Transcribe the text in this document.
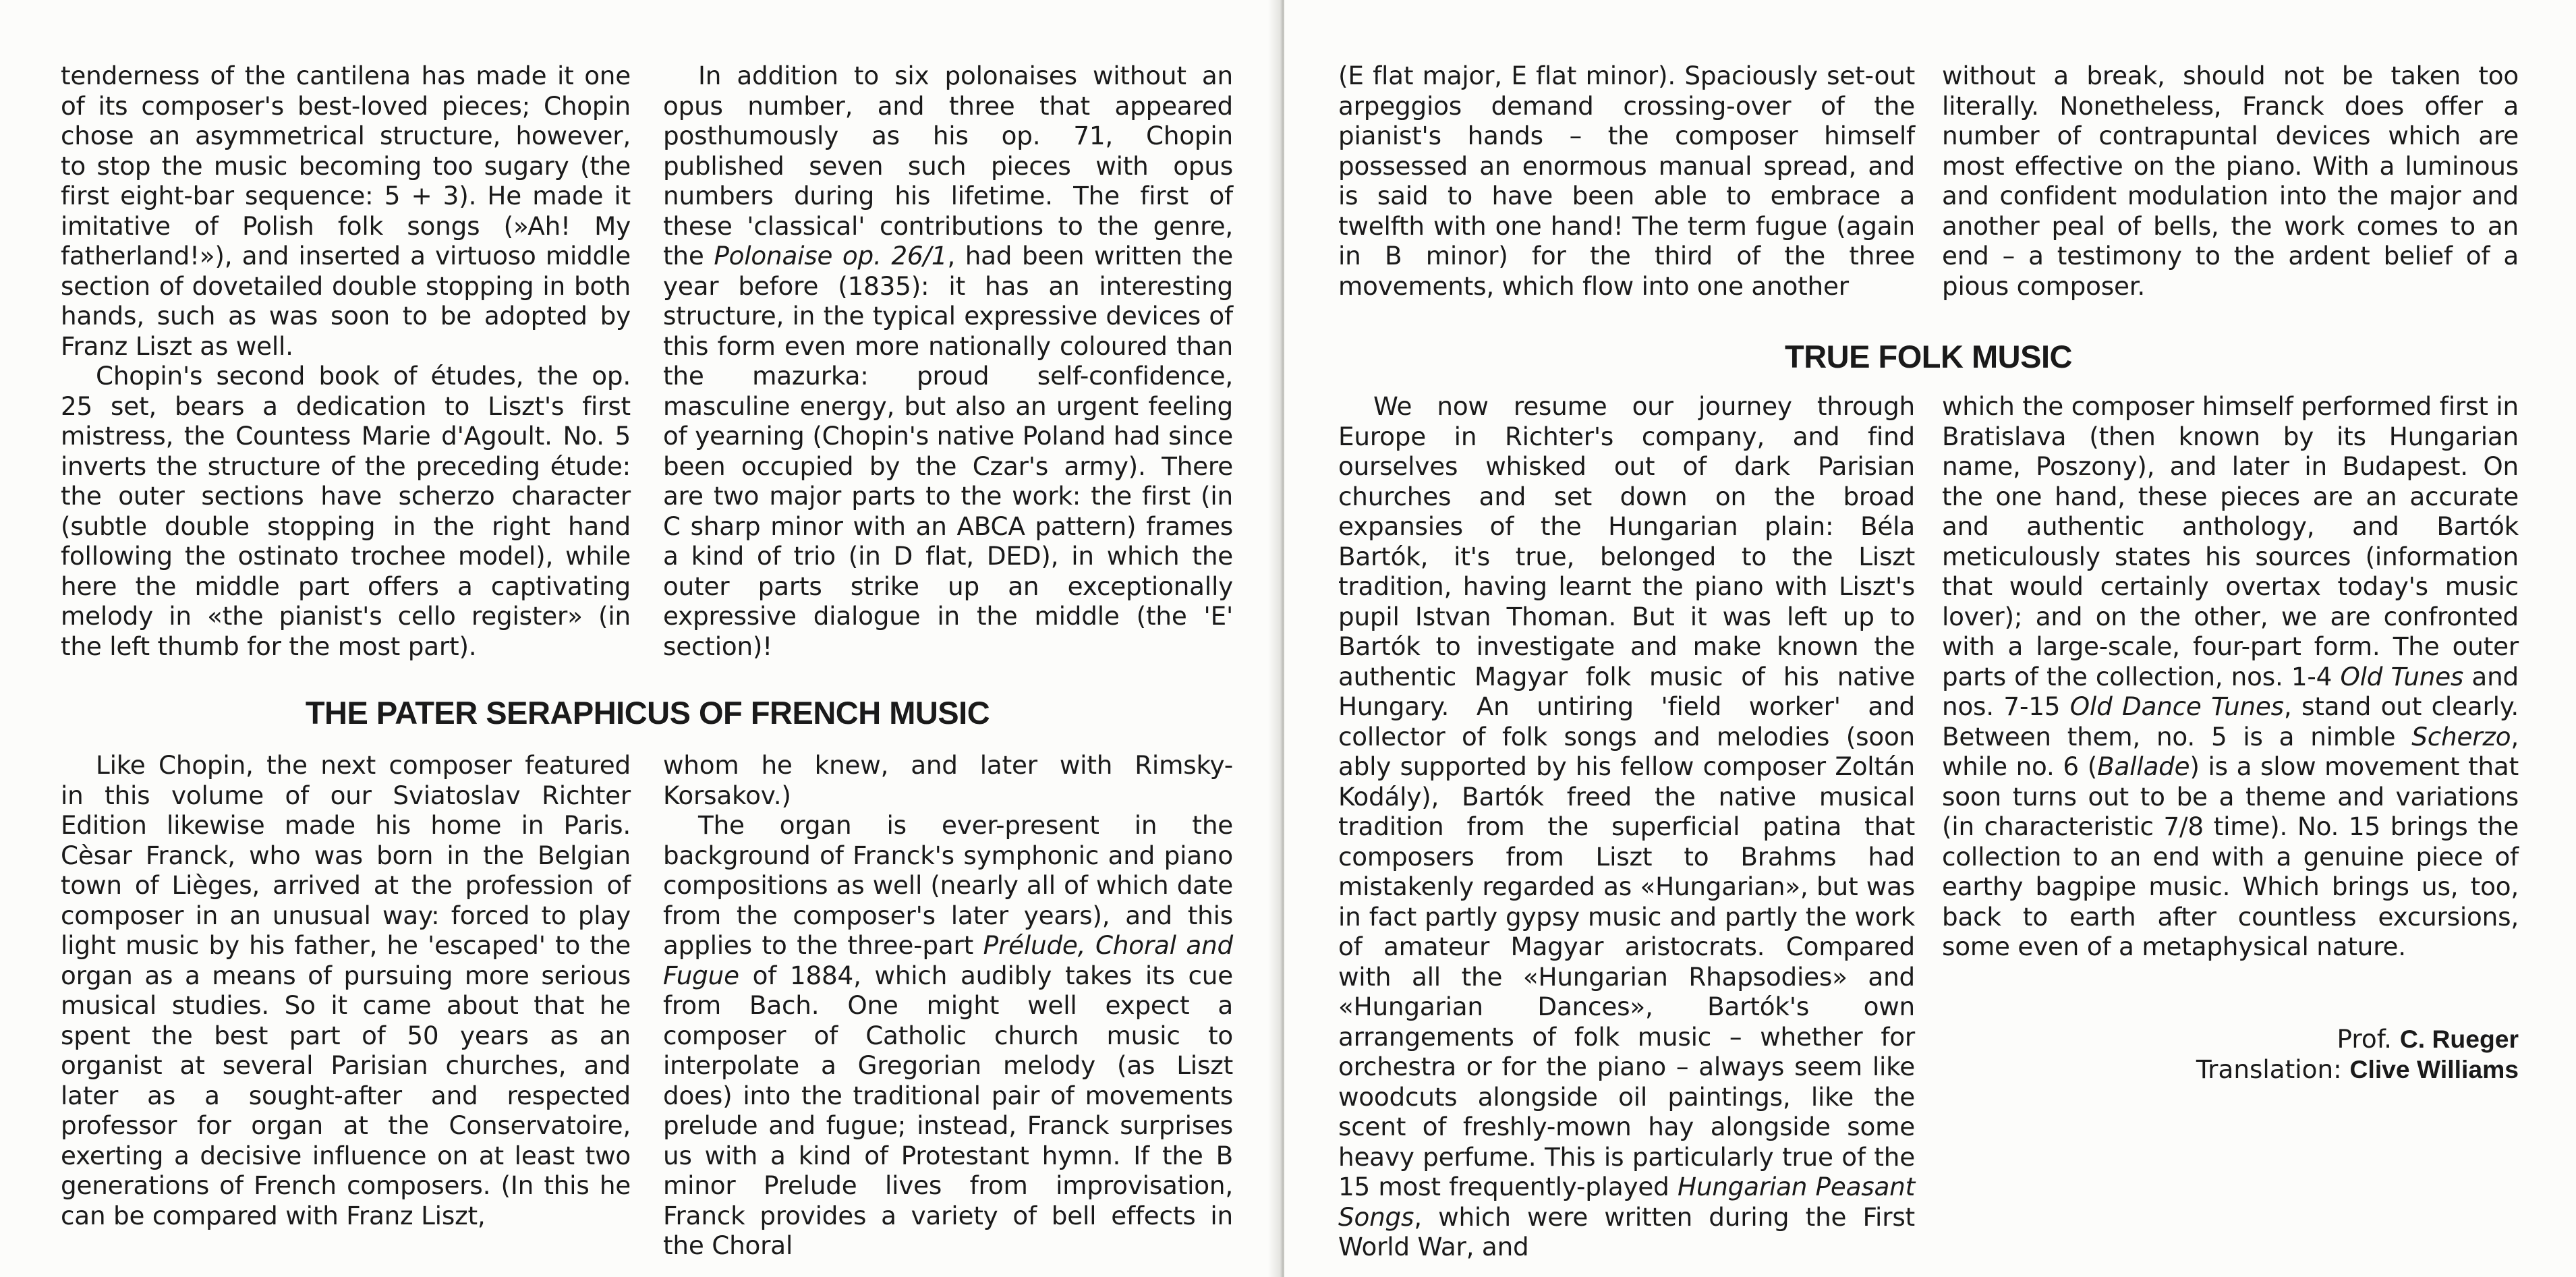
tenderness of the cantilena has made it one of its composer's best-loved pieces; Chopin chose an asymmetrical structure, however, to stop the music becoming too sugary (the first eight-bar sequence: 5 + 3). He made it imitative of Polish folk songs (»Ah! My fatherland!»), and inserted a virtuoso middle section of dovetailed double stopping in both hands, such as was soon to be adopted by Franz Liszt as well.

Chopin's second book of études, the op. 25 set, bears a dedication to Liszt's first mistress, the Countess Marie d'Agoult. No. 5 inverts the structure of the preceding étude: the outer sections have scherzo character (subtle double stopping in the right hand following the ostinato trochee model), while here the middle part offers a captivating melody in «the pianist's cello register» (in the left thumb for the most part).

In addition to six polonaises without an opus number, and three that appeared posthumously as his op. 71, Chopin published seven such pieces with opus numbers during his lifetime. The first of these 'classical' contributions to the genre, the Polonaise op. 26/1, had been written the year before (1835): it has an interesting structure, in the typical expressive devices of this form even more nationally coloured than the mazurka: proud self-confidence, masculine energy, but also an urgent feeling of yearning (Chopin's native Poland had since been occupied by the Czar's army). There are two major parts to the work: the first (in C sharp minor with an ABCA pattern) frames a kind of trio (in D flat, DED), in which the outer parts strike up an exceptionally expressive dialogue in the middle (the 'E' section)!

THE PATER SERAPHICUS OF FRENCH MUSIC

Like Chopin, the next composer featured in this volume of our Sviatoslav Richter Edition likewise made his home in Paris. Cèsar Franck, who was born in the Belgian town of Lièges, arrived at the profession of composer in an unusual way: forced to play light music by his father, he 'escaped' to the organ as a means of pursuing more serious musical studies. So it came about that he spent the best part of 50 years as an organist at several Parisian churches, and later as a sought-after and respected professor for organ at the Conservatoire, exerting a decisive influence on at least two generations of French composers. (In this he can be compared with Franz Liszt,

whom he knew, and later with Rimsky-Korsakov.)

The organ is ever-present in the background of Franck's symphonic and piano compositions as well (nearly all of which date from the composer's later years), and this applies to the three-part Prélude, Choral and Fugue of 1884, which audibly takes its cue from Bach. One might well expect a composer of Catholic church music to interpolate a Gregorian melody (as Liszt does) into the traditional pair of movements prelude and fugue; instead, Franck surprises us with a kind of Protestant hymn. If the B minor Prelude lives from improvisation, Franck provides a variety of bell effects in the Choral

(E flat major, E flat minor). Spaciously set-out arpeggios demand crossing-over of the pianist's hands – the composer himself possessed an enormous manual spread, and is said to have been able to embrace a twelfth with one hand! The term fugue (again in B minor) for the third of the three movements, which flow into one another

without a break, should not be taken too literally. Nonetheless, Franck does offer a number of contrapuntal devices which are most effective on the piano. With a luminous and confident modulation into the major and another peal of bells, the work comes to an end – a testimony to the ardent belief of a pious composer.

TRUE FOLK MUSIC

We now resume our journey through Europe in Richter's company, and find ourselves whisked out of dark Parisian churches and set down on the broad expansies of the Hungarian plain: Béla Bartók, it's true, belonged to the Liszt tradition, having learnt the piano with Liszt's pupil Istvan Thoman. But it was left up to Bartók to investigate and make known the authentic Magyar folk music of his native Hungary. An untiring 'field worker' and collector of folk songs and melodies (soon ably supported by his fellow composer Zoltán Kodály), Bartók freed the native musical tradition from the superficial patina that composers from Liszt to Brahms had mistakenly regarded as «Hungarian», but was in fact partly gypsy music and partly the work of amateur Magyar aristocrats. Compared with all the «Hungarian Rhapsodies» and «Hungarian Dances», Bartók's own arrangements of folk music – whether for orchestra or for the piano – always seem like woodcuts alongside oil paintings, like the scent of freshly-mown hay alongside some heavy perfume. This is particularly true of the 15 most frequently-played Hungarian Peasant Songs, which were written during the First World War, and

which the composer himself performed first in Bratislava (then known by its Hungarian name, Poszony), and later in Budapest. On the one hand, these pieces are an accurate and authentic anthology, and Bartók meticulously states his sources (information that would certainly overtax today's music lover); and on the other, we are confronted with a large-scale, four-part form. The outer parts of the collection, nos. 1-4 Old Tunes and nos. 7-15 Old Dance Tunes, stand out clearly. Between them, no. 5 is a nimble Scherzo, while no. 6 (Ballade) is a slow movement that soon turns out to be a theme and variations (in characteristic 7/8 time). No. 15 brings the collection to an end with a genuine piece of earthy bagpipe music. Which brings us, too, back to earth after countless excursions, some even of a metaphysical nature.

Prof. C. Rueger
Translation: Clive Williams
